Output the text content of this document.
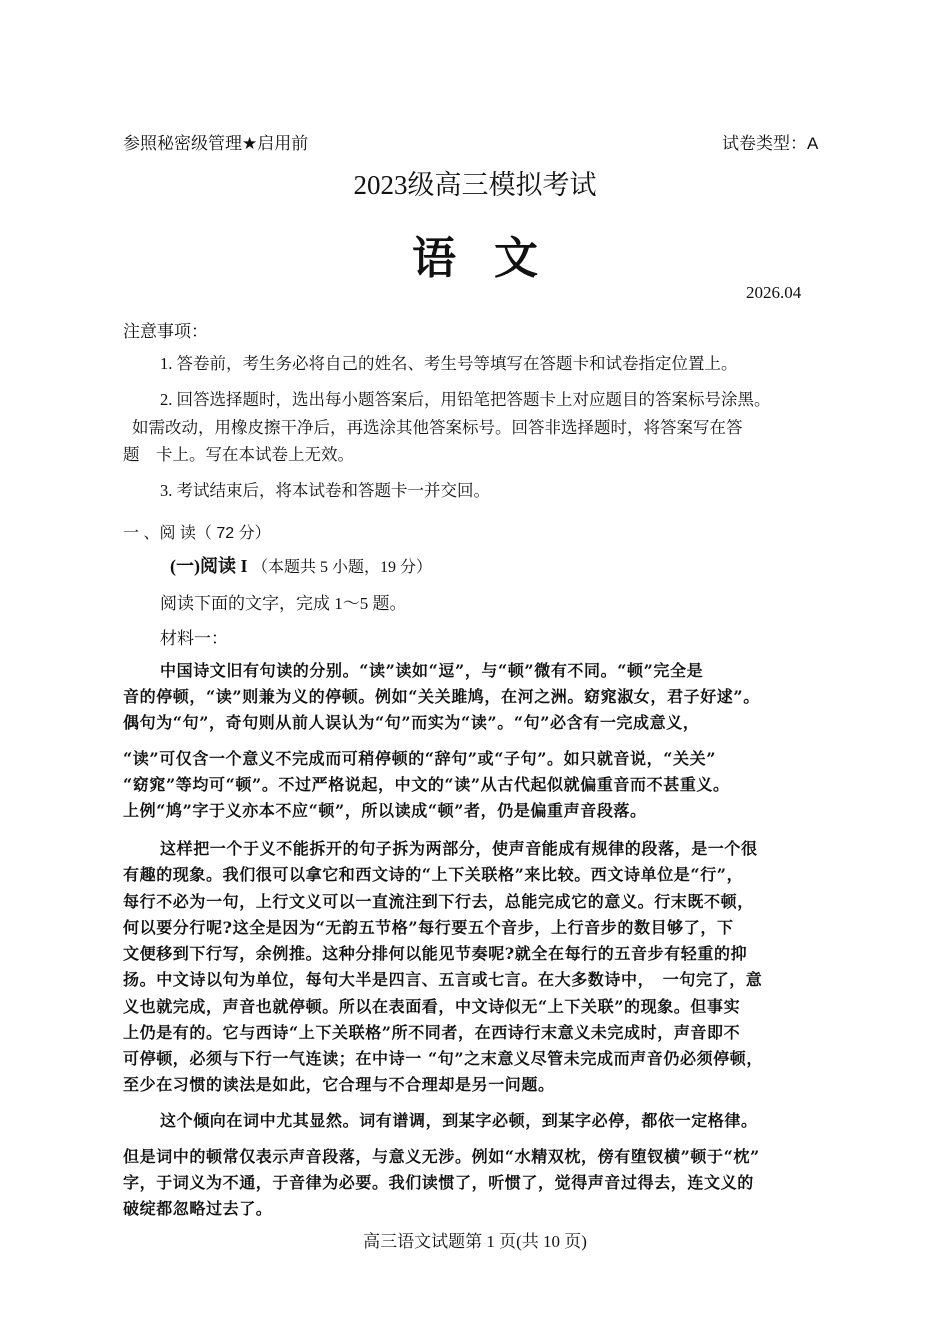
参照秘密级管理★启用前	试卷类型：A
2023级高三模拟考试
语文
2026.04
注意事项：
1. 答卷前，考生务必将自己的姓名、考生号等填写在答题卡和试卷指定位置上。
2. 回答选择题时，选出每小题答案后，用铅笔把答题卡上对应题目的答案标号涂黑。
如需改动，用橡皮擦干净后，再选涂其他答案标号。回答非选择题时，将答案写在答
题　卡上。写在本试卷上无效。
3. 考试结束后，将本试卷和答题卡一并交回。
一 、阅 读（ 72 分）
(一)阅读 I （本题共 5 小题，19 分）
阅读下面的文字，完成 1～5 题。
材料一：
中国诗文旧有句读的分别。“读”读如“逗”，与“顿”微有不同。“顿”完全是
音的停顿，“读”则兼为义的停顿。例如“关关雎鸠，在河之洲。窈窕淑女，君子好逑”。
偶句为“句”，奇句则从前人误认为“句”而实为“读”。“句”必含有一完成意义，
“读”可仅含一个意义不完成而可稍停顿的“辞句”或“子句”。如只就音说，“关关”
“窈窕”等均可“顿”。不过严格说起，中文的“读”从古代起似就偏重音而不甚重义。
上例“鸠”字于义亦本不应“顿”，所以读成“顿”者，仍是偏重声音段落。
这样把一个于义不能拆开的句子拆为两部分，使声音能成有规律的段落，是一个很
有趣的现象。我们很可以拿它和西文诗的“上下关联格”来比较。西文诗单位是“行”，
每行不必为一句，上行文义可以一直流注到下行去，总能完成它的意义。行末既不顿，
何以要分行呢?这全是因为“无韵五节格”每行要五个音步，上行音步的数目够了，下
文便移到下行写，余例推。这种分排何以能见节奏呢?就全在每行的五音步有轻重的抑
扬。中文诗以句为单位，每句大半是四言、五言或七言。在大多数诗中，　一句完了，意
义也就完成，声音也就停顿。所以在表面看，中文诗似无“上下关联”的现象。但事实
上仍是有的。它与西诗“上下关联格”所不同者，在西诗行末意义未完成时，声音即不
可停顿，必须与下行一气连读；在中诗一 “句”之末意义尽管未完成而声音仍必须停顿，
至少在习惯的读法是如此，它合理与不合理却是另一问题。
这个倾向在词中尤其显然。词有谱调，到某字必顿，到某字必停，都依一定格律。
但是词中的顿常仅表示声音段落，与意义无涉。例如“水精双枕，傍有堕钗横”顿于“枕”
字，于词义为不通，于音律为必要。我们读惯了，听惯了，觉得声音过得去，连文义的
破绽都忽略过去了。
高三语文试题第 1 页(共 10 页)
